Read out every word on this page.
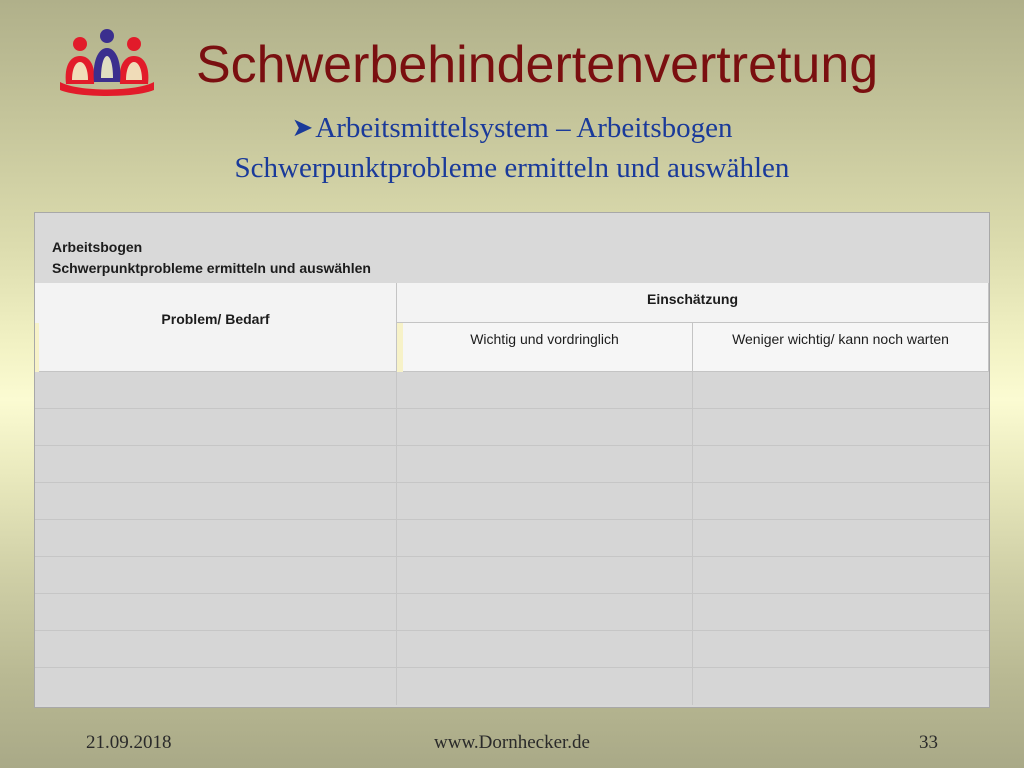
Schwerbehindertenvertretung
➤Arbeitsmittelsystem – Arbeitsbogen
Schwerpunktprobleme ermitteln und auswählen
Arbeitsbogen
Schwerpunktprobleme ermitteln und auswählen
Problem/ Bedarf
Einschätzung
Wichtig und vordringlich	Weniger wichtig/ kann noch warten
21.09.2018	www.Dornhecker.de	33
